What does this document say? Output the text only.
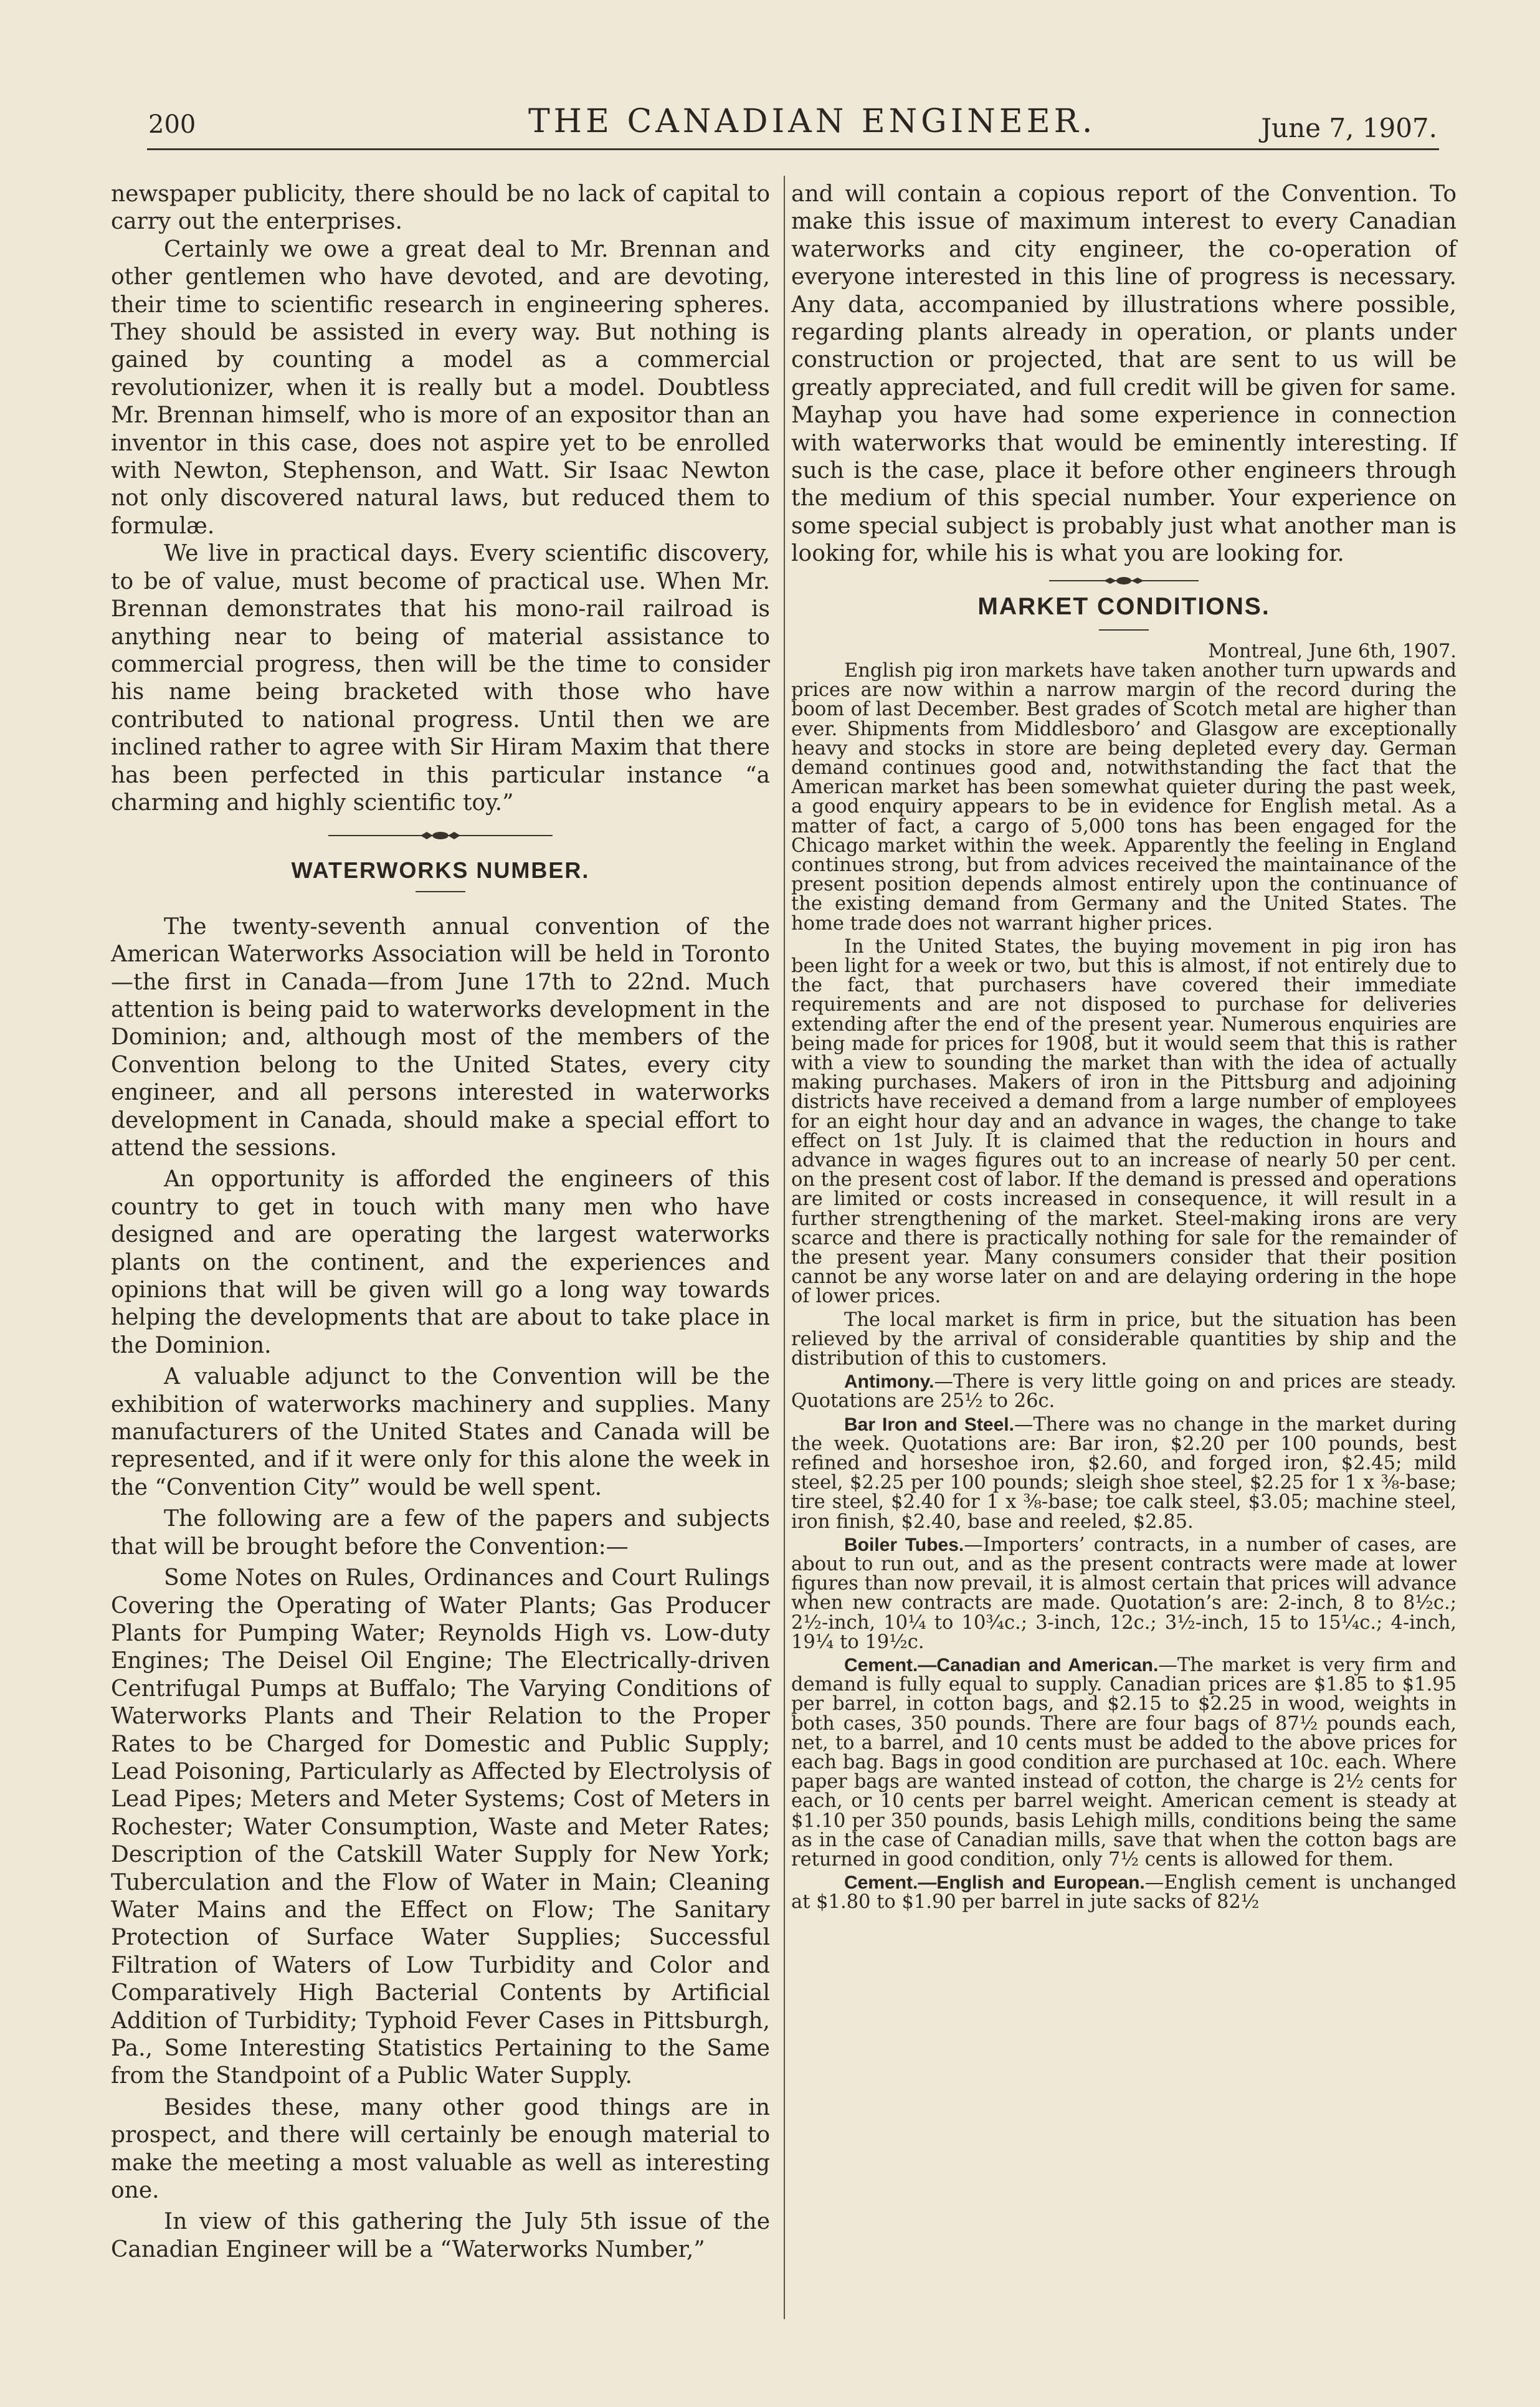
200	THE CANADIAN ENGINEER.	June 7, 1907.

newspaper publicity, there should be no lack of capital to carry out the enterprises.

Certainly we owe a great deal to Mr. Brennan and other gentlemen who have devoted, and are devoting, their time to scientific research in engineering spheres. They should be assisted in every way. But nothing is gained by counting a model as a commercial revolutionizer, when it is really but a model. Doubtless Mr. Brennan himself, who is more of an expositor than an inventor in this case, does not aspire yet to be enrolled with Newton, Stephenson, and Watt. Sir Isaac Newton not only discovered natural laws, but reduced them to formulæ.

We live in practical days. Every scientific discovery, to be of value, must become of practical use. When Mr. Brennan demonstrates that his mono-rail railroad is anything near to being of material assistance to commercial progress, then will be the time to consider his name being bracketed with those who have contributed to national progress. Until then we are inclined rather to agree with Sir Hiram Maxim that there has been perfected in this particular instance “a charming and highly scientific toy.”

WATERWORKS NUMBER.

The twenty-seventh annual convention of the American Waterworks Association will be held in Toronto—the first in Canada—from June 17th to 22nd. Much attention is being paid to waterworks development in the Dominion; and, although most of the members of the Convention belong to the United States, every city engineer, and all persons interested in waterworks development in Canada, should make a special effort to attend the sessions.

An opportunity is afforded the engineers of this country to get in touch with many men who have designed and are operating the largest waterworks plants on the continent, and the experiences and opinions that will be given will go a long way towards helping the developments that are about to take place in the Dominion.

A valuable adjunct to the Convention will be the exhibition of waterworks machinery and supplies. Many manufacturers of the United States and Canada will be represented, and if it were only for this alone the week in the “Convention City” would be well spent.

The following are a few of the papers and subjects that will be brought before the Convention:—

Some Notes on Rules, Ordinances and Court Rulings Covering the Operating of Water Plants; Gas Producer Plants for Pumping Water; Reynolds High vs. Low-duty Engines; The Deisel Oil Engine; The Electrically-driven Centrifugal Pumps at Buffalo; The Varying Conditions of Waterworks Plants and Their Relation to the Proper Rates to be Charged for Domestic and Public Supply; Lead Poisoning, Particularly as Affected by Electrolysis of Lead Pipes; Meters and Meter Systems; Cost of Meters in Rochester; Water Consumption, Waste and Meter Rates; Description of the Catskill Water Supply for New York; Tuberculation and the Flow of Water in Main; Cleaning Water Mains and the Effect on Flow; The Sanitary Protection of Surface Water Supplies; Successful Filtration of Waters of Low Turbidity and Color and Comparatively High Bacterial Contents by Artificial Addition of Turbidity; Typhoid Fever Cases in Pittsburgh, Pa., Some Interesting Statistics Pertaining to the Same from the Standpoint of a Public Water Supply.

Besides these, many other good things are in prospect, and there will certainly be enough material to make the meeting a most valuable as well as interesting one.

In view of this gathering the July 5th issue of the Canadian Engineer will be a “Waterworks Number,”

and will contain a copious report of the Convention. To make this issue of maximum interest to every Canadian waterworks and city engineer, the co-operation of everyone interested in this line of progress is necessary. Any data, accompanied by illustrations where possible, regarding plants already in operation, or plants under construction or projected, that are sent to us will be greatly appreciated, and full credit will be given for same. Mayhap you have had some experience in connection with waterworks that would be eminently interesting. If such is the case, place it before other engineers through the medium of this special number. Your experience on some special subject is probably just what another man is looking for, while his is what you are looking for.

MARKET CONDITIONS.

Montreal, June 6th, 1907.

English pig iron markets have taken another turn upwards and prices are now within a narrow margin of the record during the boom of last December. Best grades of Scotch metal are higher than ever. Shipments from Middlesboro’ and Glasgow are exceptionally heavy and stocks in store are being depleted every day. German demand continues good and, notwithstanding the fact that the American market has been somewhat quieter during the past week, a good enquiry appears to be in evidence for English metal. As a matter of fact, a cargo of 5,000 tons has been engaged for the Chicago market within the week. Apparently the feeling in England continues strong, but from advices received the maintainance of the present position depends almost entirely upon the continuance of the existing demand from Germany and the United States. The home trade does not warrant higher prices.

In the United States, the buying movement in pig iron has been light for a week or two, but this is almost, if not entirely due to the fact, that purchasers have covered their immediate requirements and are not disposed to purchase for deliveries extending after the end of the present year. Numerous enquiries are being made for prices for 1908, but it would seem that this is rather with a view to sounding the market than with the idea of actually making purchases. Makers of iron in the Pittsburg and adjoining districts have received a demand from a large number of employees for an eight hour day and an advance in wages, the change to take effect on 1st July. It is claimed that the reduction in hours and advance in wages figures out to an increase of nearly 50 per cent. on the present cost of labor. If the demand is pressed and operations are limited or costs increased in consequence, it will result in a further strengthening of the market. Steel-making irons are very scarce and there is practically nothing for sale for the remainder of the present year. Many consumers consider that their position cannot be any worse later on and are delaying ordering in the hope of lower prices.

The local market is firm in price, but the situation has been relieved by the arrival of considerable quantities by ship and the distribution of this to customers.

Antimony.—There is very little going on and prices are steady. Quotations are 25½ to 26c.

Bar Iron and Steel.—There was no change in the market during the week. Quotations are: Bar iron, $2.20 per 100 pounds, best refined and horseshoe iron, $2.60, and forged iron, $2.45; mild steel, $2.25 per 100 pounds; sleigh shoe steel, $2.25 for 1 x ⅜-base; tire steel, $2.40 for 1 x ⅜-base; toe calk steel, $3.05; machine steel, iron finish, $2.40, base and reeled, $2.85.

Boiler Tubes.—Importers’ contracts, in a number of cases, are about to run out, and as the present contracts were made at lower figures than now prevail, it is almost certain that prices will advance when new contracts are made. Quotation’s are: 2-inch, 8 to 8½c.; 2½-inch, 10¼ to 10¾c.; 3-inch, 12c.; 3½-inch, 15 to 15¼c.; 4-inch, 19¼ to 19½c.

Cement.—Canadian and American.—The market is very firm and demand is fully equal to supply. Canadian prices are $1.85 to $1.95 per barrel, in cotton bags, and $2.15 to $2.25 in wood, weights in both cases, 350 pounds. There are four bags of 87½ pounds each, net, to a barrel, and 10 cents must be added to the above prices for each bag. Bags in good condition are purchased at 10c. each. Where paper bags are wanted instead of cotton, the charge is 2½ cents for each, or 10 cents per barrel weight. American cement is steady at $1.10 per 350 pounds, basis Lehigh mills, conditions being the same as in the case of Canadian mills, save that when the cotton bags are returned in good condition, only 7½ cents is allowed for them.

Cement.—English and European.—English cement is unchanged at $1.80 to $1.90 per barrel in jute sacks of 82½
